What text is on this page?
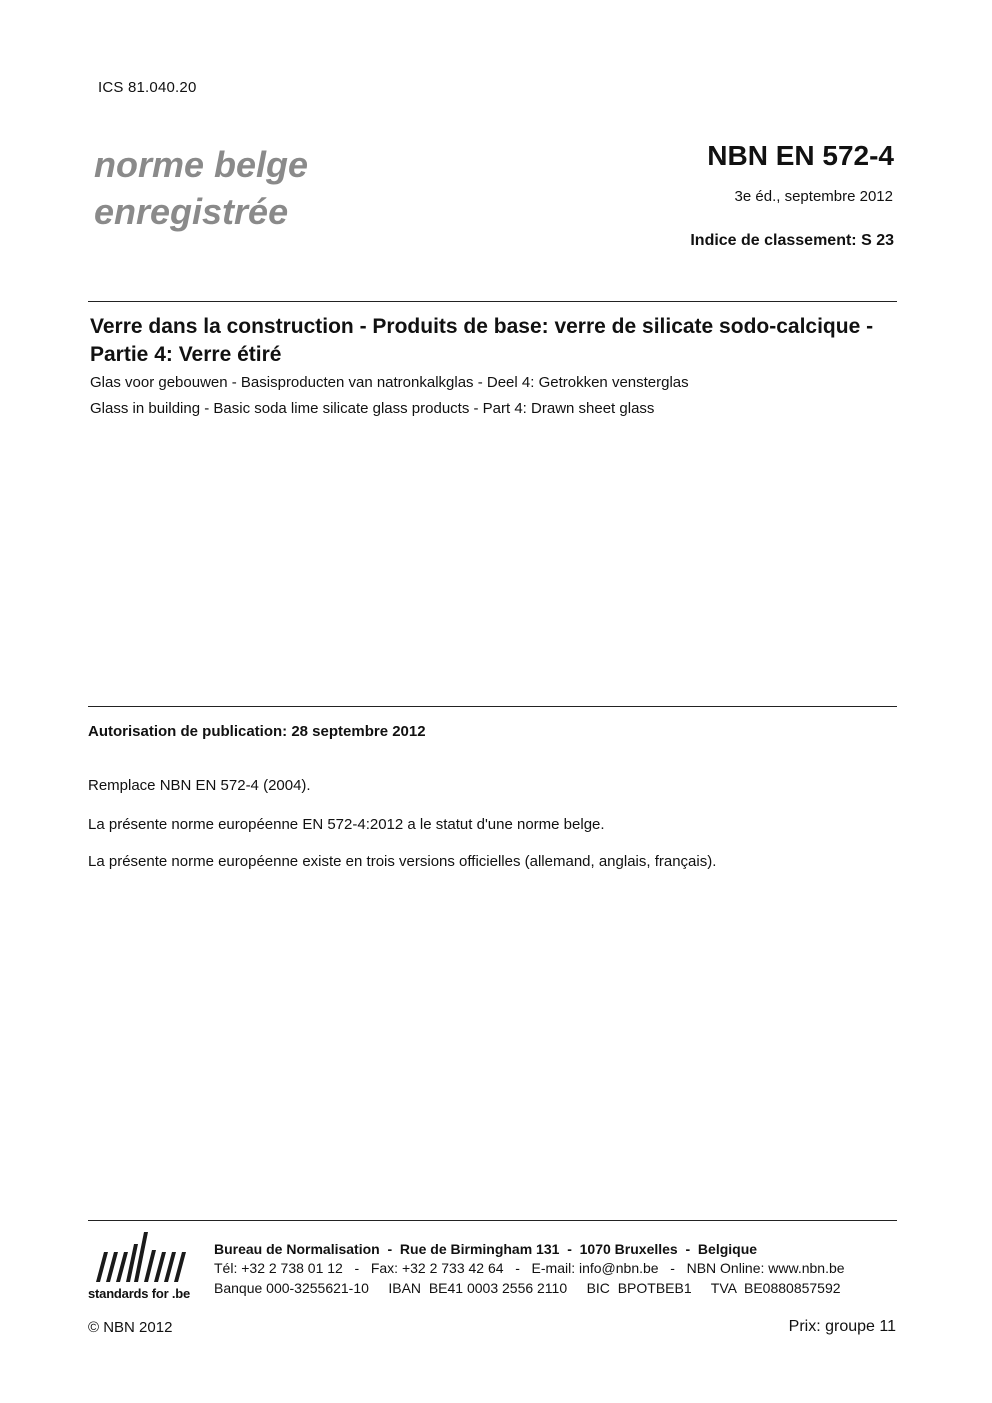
ICS 81.040.20
norme belge
enregistrée
NBN EN 572-4
3e éd., septembre 2012
Indice de classement: S 23
Verre dans la construction - Produits de base: verre de silicate sodo-calcique - Partie 4: Verre étiré
Glas voor gebouwen - Basisproducten van natronkalkglas - Deel 4: Getrokken vensterglas
Glass in building - Basic soda lime silicate glass products - Part 4: Drawn sheet glass
Autorisation de publication: 28 septembre 2012
Remplace NBN EN 572-4 (2004).
La présente norme européenne EN 572-4:2012 a le statut d'une norme belge.
La présente norme européenne existe en trois versions officielles (allemand, anglais, français).
standards for .be
Bureau de Normalisation  -  Rue de Birmingham 131  -  1070 Bruxelles  -  Belgique
Tél: +32 2 738 01 12   -   Fax: +32 2 733 42 64   -   E-mail: info@nbn.be   -   NBN Online: www.nbn.be
Banque 000-3255621-10     IBAN  BE41 0003 2556 2110     BIC  BPOTBEB1     TVA  BE0880857592
© NBN 2012	Prix: groupe 11
